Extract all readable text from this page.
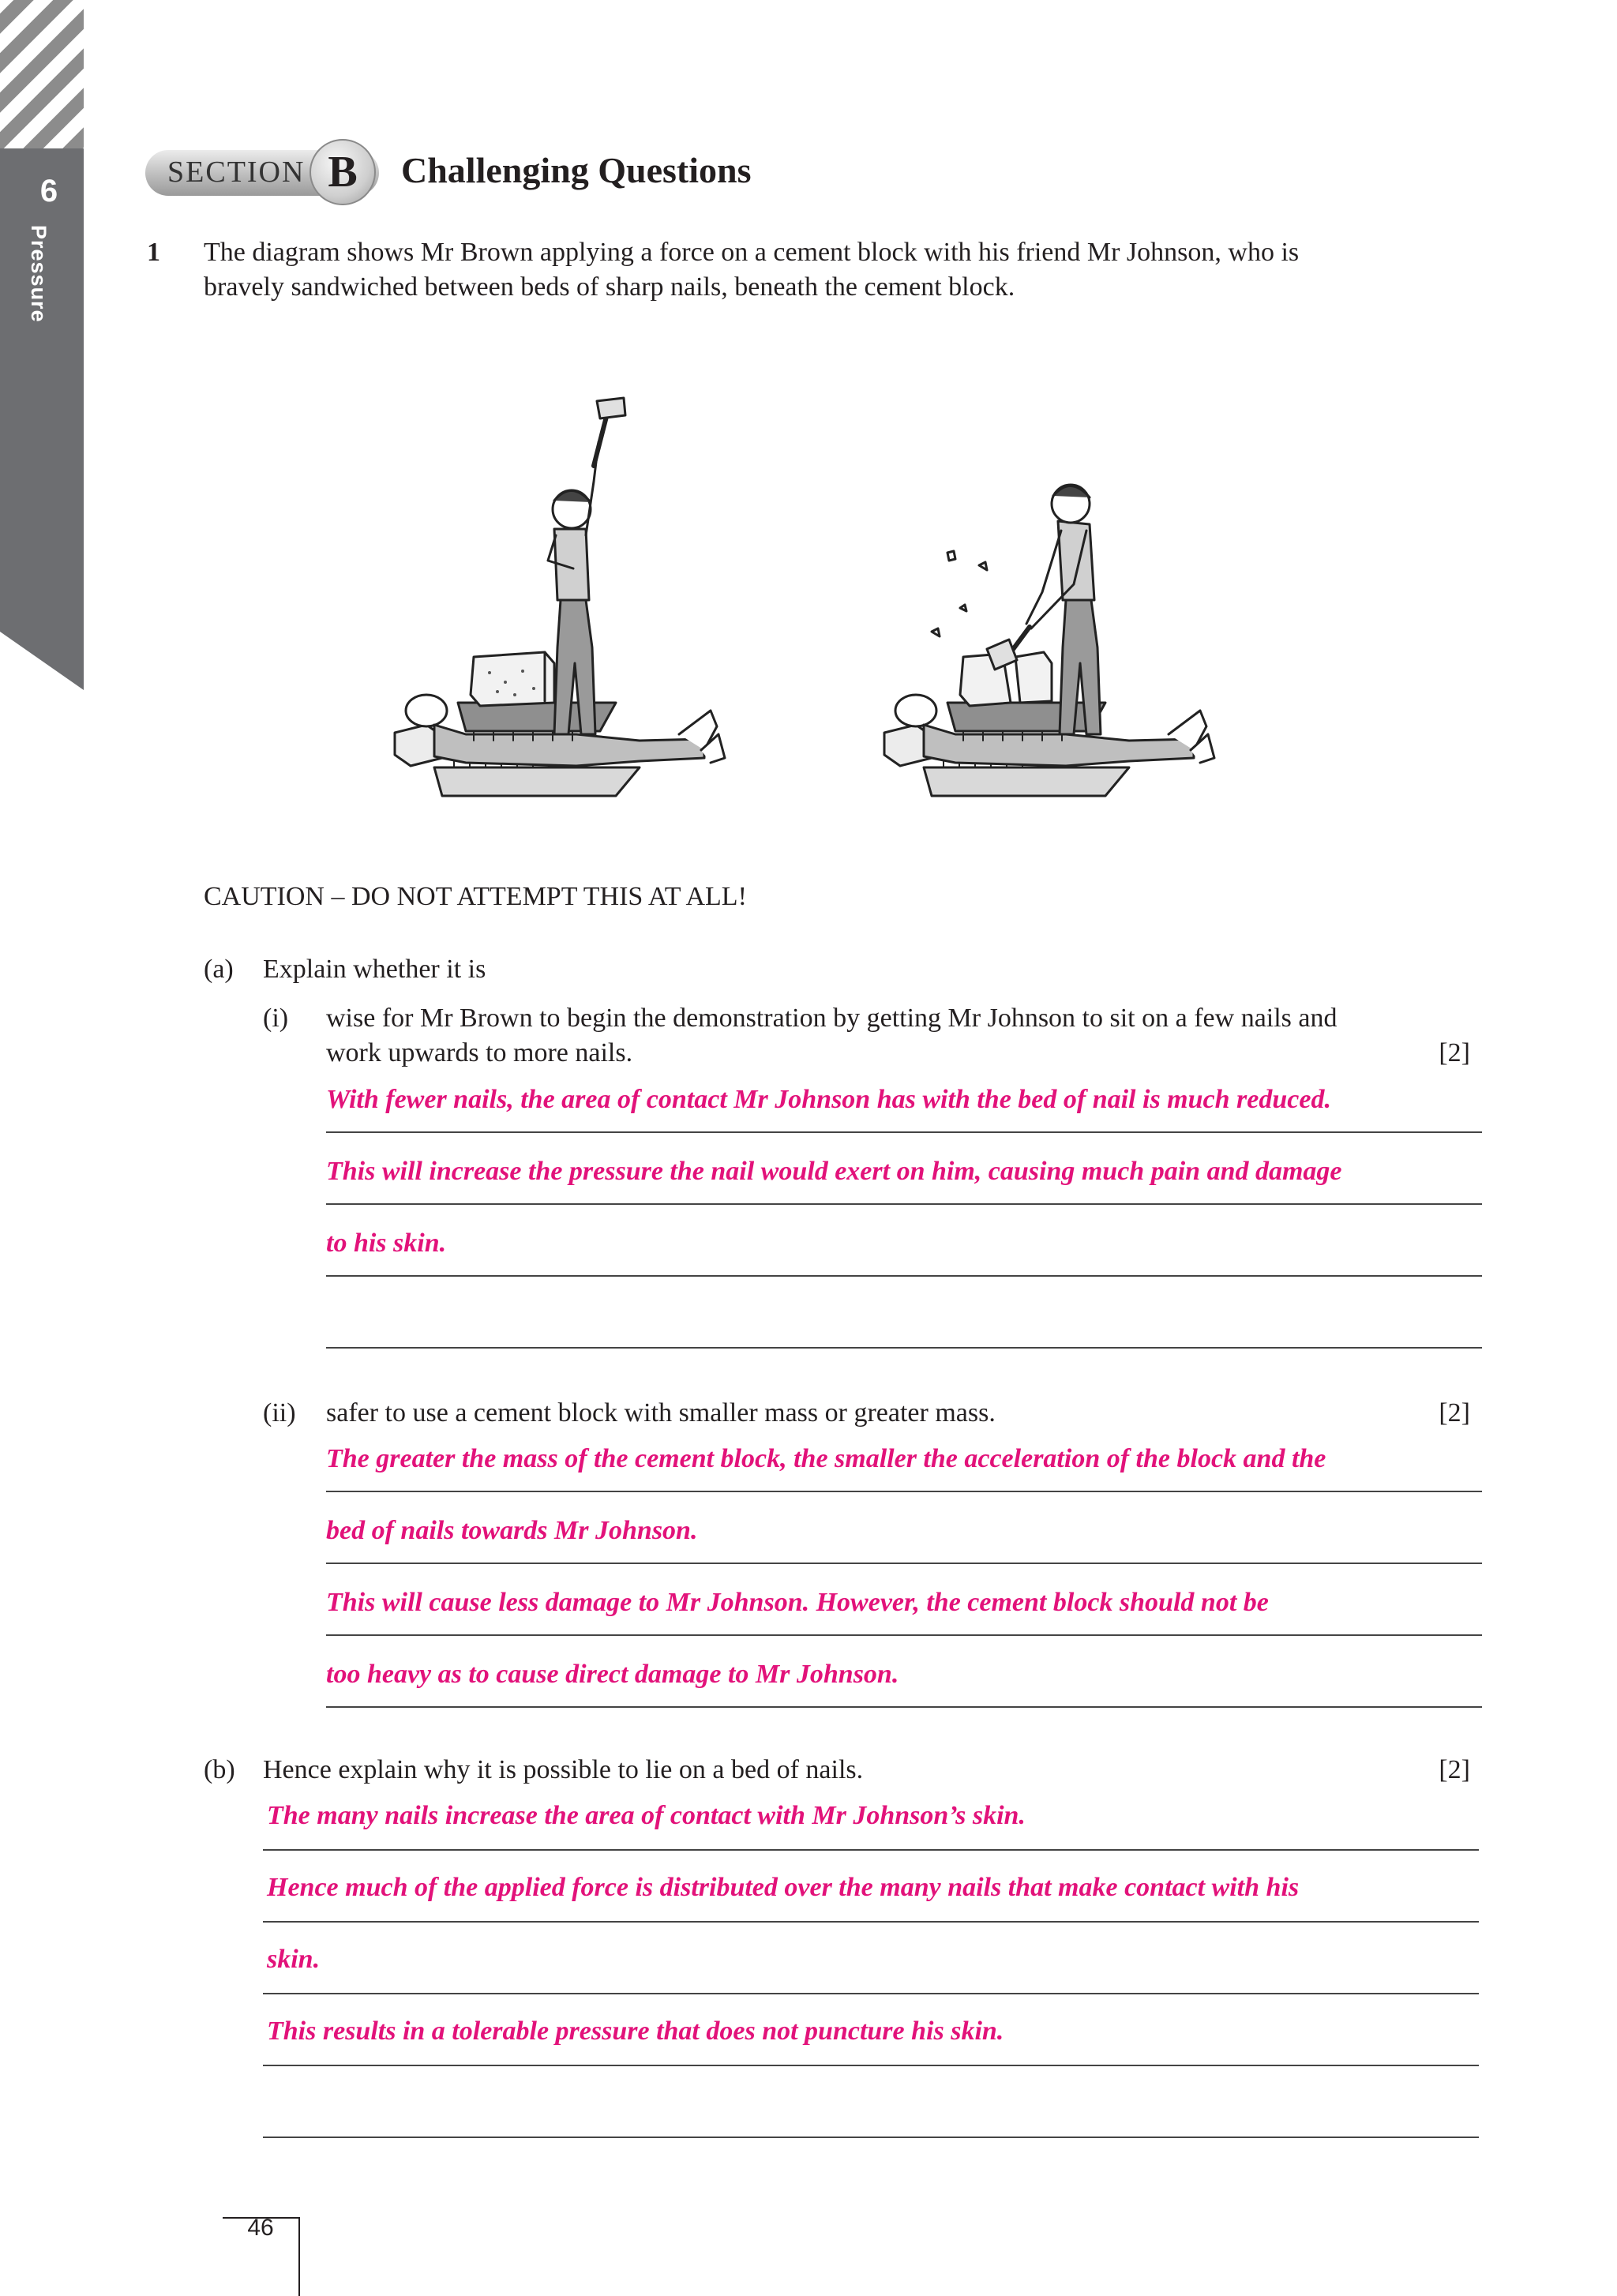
6
Pressure
SECTION B	Challenging Questions
1 The diagram shows Mr Brown applying a force on a cement block with his friend Mr Johnson, who is
bravely sandwiched between beds of sharp nails, beneath the cement block.
CAUTION – DO NOT ATTEMPT THIS AT ALL!
(a) Explain whether it is
(i) wise for Mr Brown to begin the demonstration by getting Mr Johnson to sit on a few nails and
work upwards to more nails.	[2]
With fewer nails, the area of contact Mr Johnson has with the bed of nail is much reduced.
This will increase the pressure the nail would exert on him, causing much pain and damage
to his skin.
(ii) safer to use a cement block with smaller mass or greater mass.	[2]
The greater the mass of the cement block, the smaller the acceleration of the block and the
bed of nails towards Mr Johnson.
This will cause less damage to Mr Johnson. However, the cement block should not be
too heavy as to cause direct damage to Mr Johnson.
(b) Hence explain why it is possible to lie on a bed of nails.	[2]
The many nails increase the area of contact with Mr Johnson’s skin.
Hence much of the applied force is distributed over the many nails that make contact with his
skin.
This results in a tolerable pressure that does not puncture his skin.
46
